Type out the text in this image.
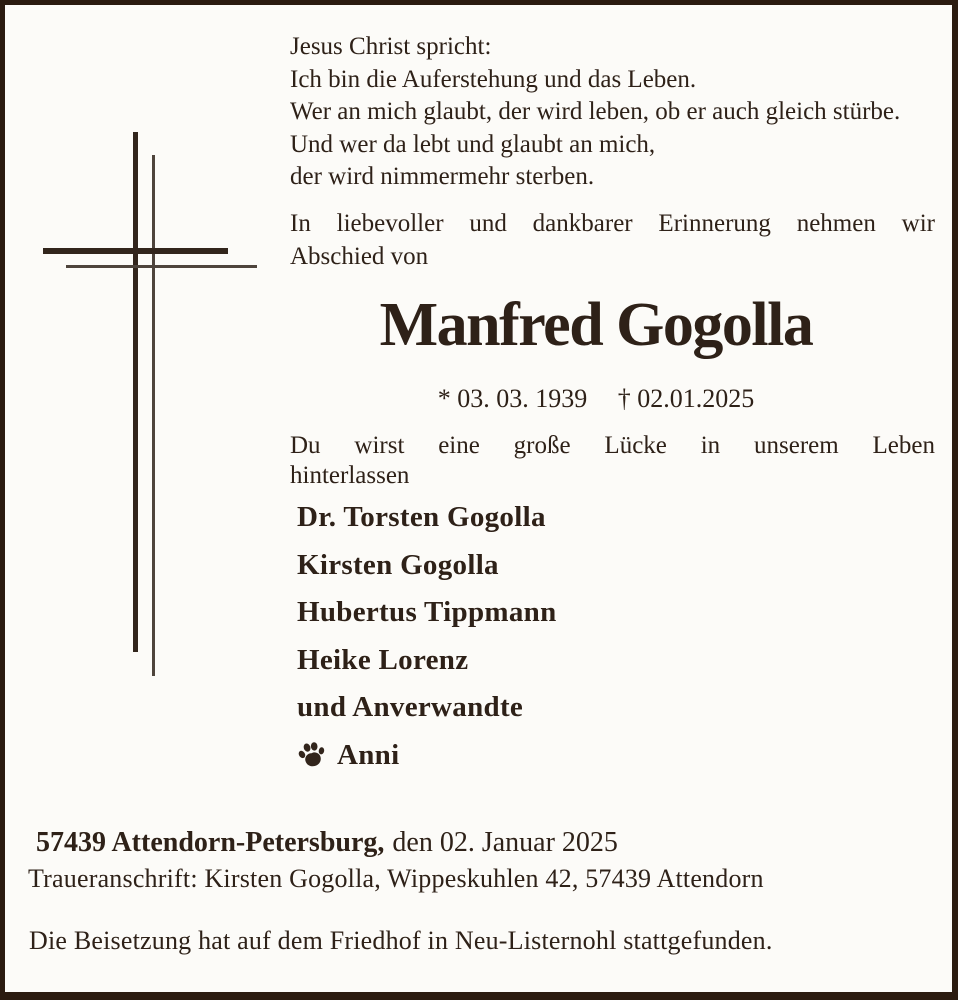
Jesus Christ spricht:
Ich bin die Auferstehung und das Leben.
Wer an mich glaubt, der wird leben, ob er auch gleich stürbe.
Und wer da lebt und glaubt an mich,
der wird nimmermehr sterben.
In liebevoller und dankbarer Erinnerung nehmen wir
Abschied von
Manfred Gogolla
* 03. 03. 1939 † 02.01.2025
Du wirst eine große Lücke in unserem Leben
hinterlassen
Dr. Torsten Gogolla
Kirsten Gogolla
Hubertus Tippmann
Heike Lorenz
und Anverwandte
Anni
57439 Attendorn-Petersburg, den 02. Januar 2025
Traueranschrift: Kirsten Gogolla, Wippeskuhlen 42, 57439 Attendorn
Die Beisetzung hat auf dem Friedhof in Neu-Listernohl stattgefunden.
